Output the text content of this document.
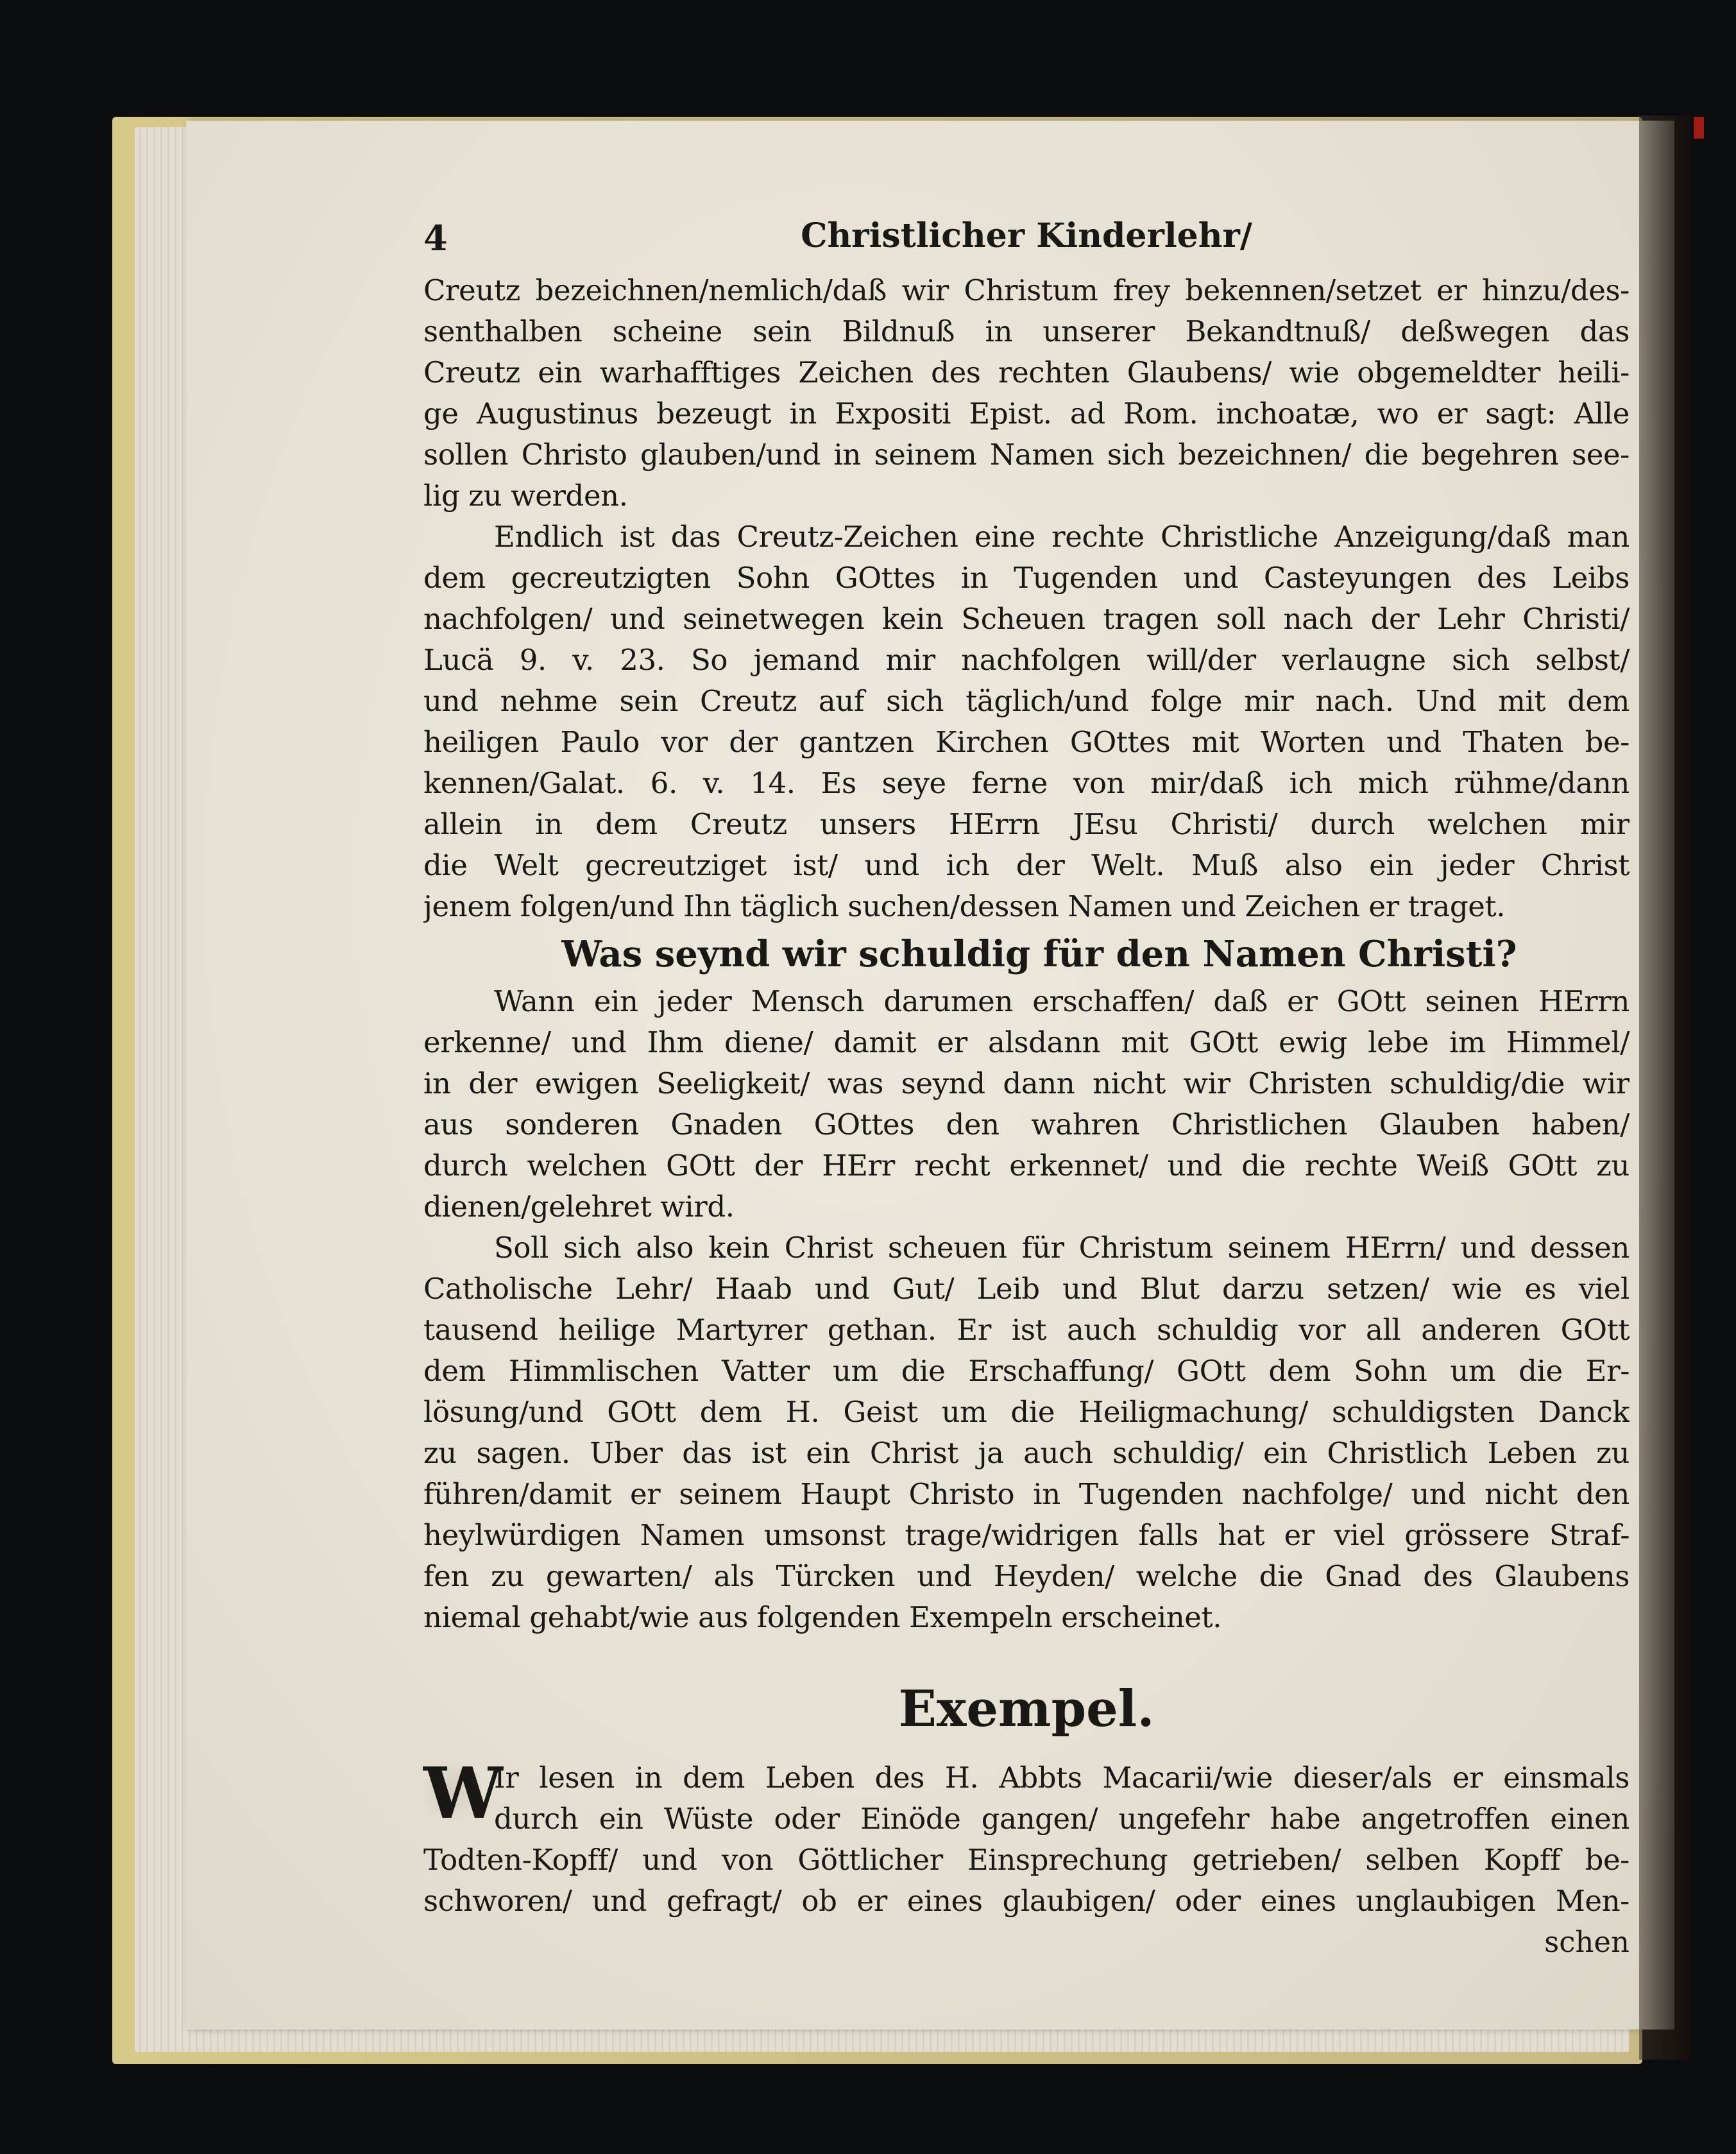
4	Christlicher Kinderlehr/
Creutz bezeichnen/nemlich/daß wir Christum frey bekennen/setzet er hinzu/des-
senthalben scheine sein Bildnuß in unserer Bekandtnuß/ deßwegen das
Creutz ein warhafftiges Zeichen des rechten Glaubens/ wie obgemeldter heili-
ge Augustinus bezeugt in Expositi Epist. ad Rom. inchoatæ, wo er sagt: Alle
sollen Christo glauben/und in seinem Namen sich bezeichnen/ die begehren see-
lig zu werden.
Endlich ist das Creutz-Zeichen eine rechte Christliche Anzeigung/daß man
dem gecreutzigten Sohn GOttes in Tugenden und Casteyungen des Leibs
nachfolgen/ und seinetwegen kein Scheuen tragen soll nach der Lehr Christi/
Lucä 9. v. 23. So jemand mir nachfolgen will/der verlaugne sich selbst/
und nehme sein Creutz auf sich täglich/und folge mir nach. Und mit dem
heiligen Paulo vor der gantzen Kirchen GOttes mit Worten und Thaten be-
kennen/Galat. 6. v. 14. Es seye ferne von mir/daß ich mich rühme/dann
allein in dem Creutz unsers HErrn JEsu Christi/ durch welchen mir
die Welt gecreutziget ist/ und ich der Welt. Muß also ein jeder Christ
jenem folgen/und Ihn täglich suchen/dessen Namen und Zeichen er traget.
Was seynd wir schuldig für den Namen Christi?
Wann ein jeder Mensch darumen erschaffen/ daß er GOtt seinen HErrn
erkenne/ und Ihm diene/ damit er alsdann mit GOtt ewig lebe im Himmel/
in der ewigen Seeligkeit/ was seynd dann nicht wir Christen schuldig/die wir
aus sonderen Gnaden GOttes den wahren Christlichen Glauben haben/
durch welchen GOtt der HErr recht erkennet/ und die rechte Weiß GOtt zu
dienen/gelehret wird.
Soll sich also kein Christ scheuen für Christum seinem HErrn/ und dessen
Catholische Lehr/ Haab und Gut/ Leib und Blut darzu setzen/ wie es viel
tausend heilige Martyrer gethan. Er ist auch schuldig vor all anderen GOtt
dem Himmlischen Vatter um die Erschaffung/ GOtt dem Sohn um die Er-
lösung/und GOtt dem H. Geist um die Heiligmachung/ schuldigsten Danck
zu sagen. Uber das ist ein Christ ja auch schuldig/ ein Christlich Leben zu
führen/damit er seinem Haupt Christo in Tugenden nachfolge/ und nicht den
heylwürdigen Namen umsonst trage/widrigen falls hat er viel grössere Straf-
fen zu gewarten/ als Türcken und Heyden/ welche die Gnad des Glaubens
niemal gehabt/wie aus folgenden Exempeln erscheinet.
Exempel.
W
Ir lesen in dem Leben des H. Abbts Macarii/wie dieser/als er einsmals
durch ein Wüste oder Einöde gangen/ ungefehr habe angetroffen einen
Todten-Kopff/ und von Göttlicher Einsprechung getrieben/ selben Kopff be-
schworen/ und gefragt/ ob er eines glaubigen/ oder eines unglaubigen Men-
schen
